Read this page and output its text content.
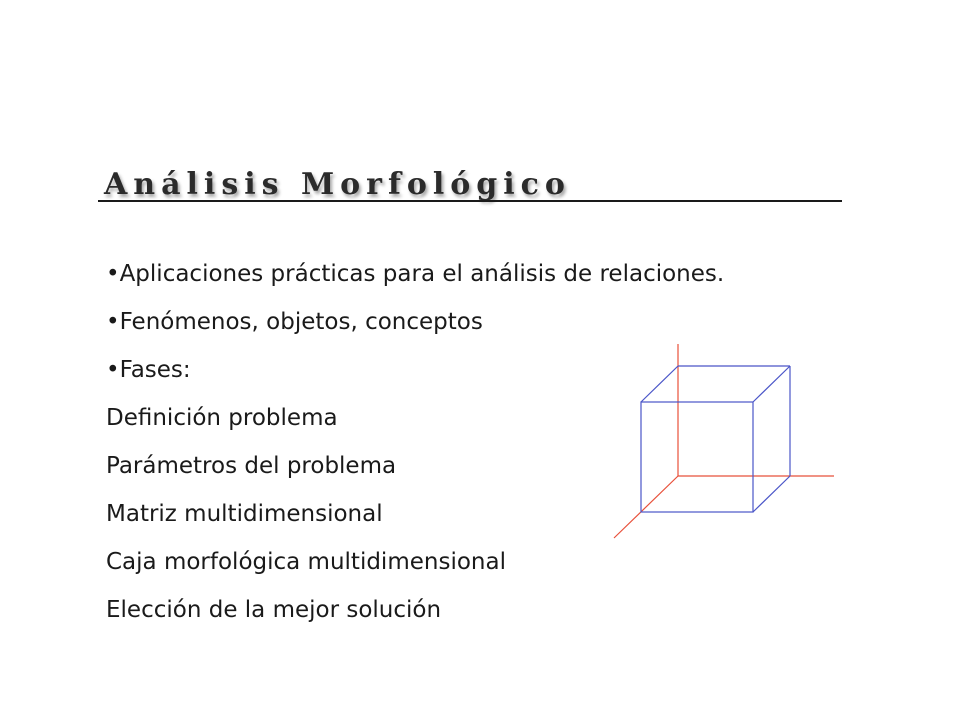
Análisis Morfológico
•Aplicaciones prácticas para el análisis de relaciones.
•Fenómenos, objetos, conceptos
•Fases:
Definición problema
Parámetros del problema
Matriz multidimensional
Caja morfológica multidimensional
Elección de la mejor solución
